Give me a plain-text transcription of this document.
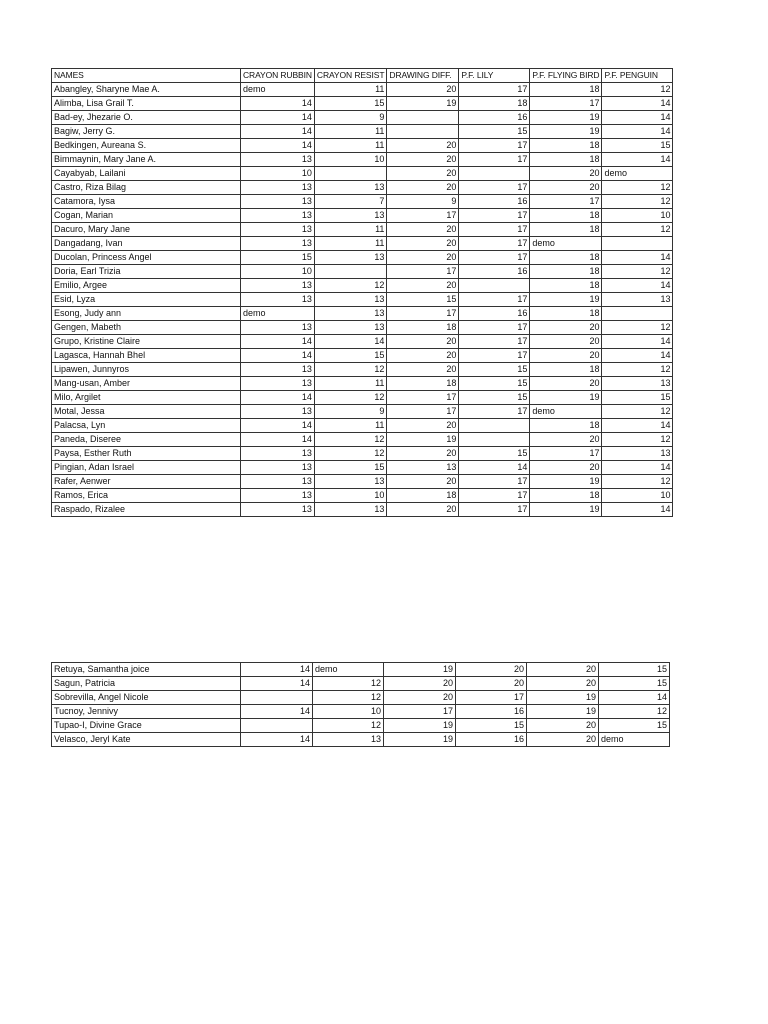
NAMES	CRAYON RUBBIN	CRAYON RESIST	DRAWING DIFF.	P.F. LILY	P.F. FLYING BIRD	P.F. PENGUIN
Abangley, Sharyne Mae A.	demo	11	20	17	18	12
Alimba, Lisa Grail T.	14	15	19	18	17	14
Bad-ey, Jhezarie O.	14	9		16	19	14
Bagiw, Jerry G.	14	11		15	19	14
Bedkingen, Aureana S.	14	11	20	17	18	15
Bimmaynin, Mary Jane A.	13	10	20	17	18	14
Cayabyab, Lailani	10		20		20	demo
Castro, Riza Bilag	13	13	20	17	20	12
Catamora, Iysa	13	7	9	16	17	12
Cogan, Marian	13	13	17	17	18	10
Dacuro, Mary Jane	13	11	20	17	18	12
Dangadang, Ivan	13	11	20	17	demo	
Ducolan, Princess Angel	15	13	20	17	18	14
Doria, Earl Trizia	10		17	16	18	12
Emilio, Argee	13	12	20		18	14
Esid, Lyza	13	13	15	17	19	13
Esong, Judy ann	demo	13	17	16	18	
Gengen, Mabeth	13	13	18	17	20	12
Grupo, Kristine Claire	14	14	20	17	20	14
Lagasca, Hannah Bhel	14	15	20	17	20	14
Lipawen, Junnyros	13	12	20	15	18	12
Mang-usan, Amber	13	11	18	15	20	13
Milo, Argilet	14	12	17	15	19	15
Motal, Jessa	13	9	17	17	demo	12
Palacsa, Lyn	14	11	20		18	14
Paneda, Diseree	14	12	19		20	12
Paysa, Esther Ruth	13	12	20	15	17	13
Pingian, Adan Israel	13	15	13	14	20	14
Rafer, Aenwer	13	13	20	17	19	12
Ramos, Erica	13	10	18	17	18	10
Raspado, Rizalee	13	13	20	17	19	14
Retuya, Samantha joice	14	demo	19	20	20	15
Sagun, Patricia	14	12	20	20	20	15
Sobrevilla, Angel Nicole		12	20	17	19	14
Tucnoy, Jennivy	14	10	17	16	19	12
Tupao-I, Divine Grace		12	19	15	20	15
Velasco, Jeryl Kate	14	13	19	16	20	demo
